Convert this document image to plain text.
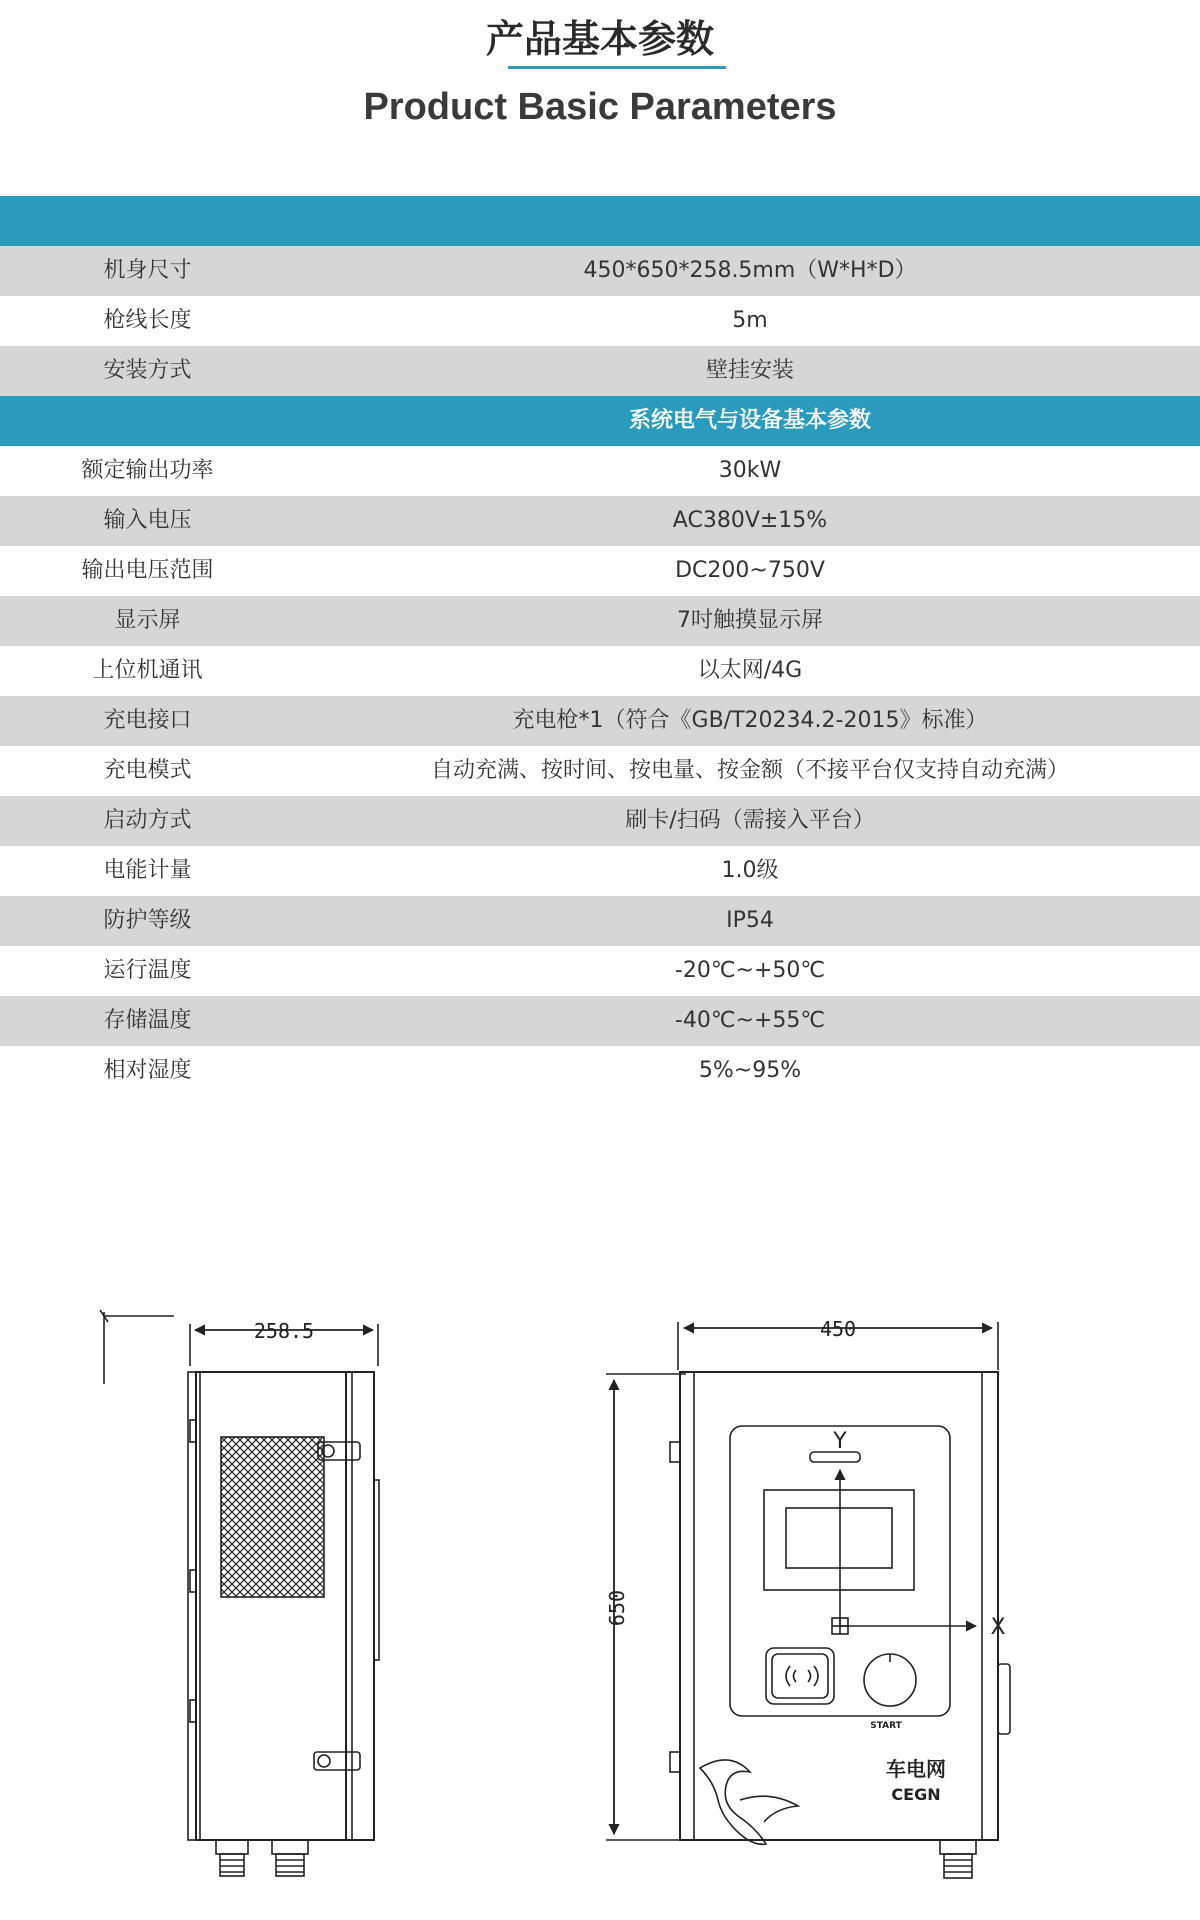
产品基本参数
Product Basic Parameters
机身尺寸	450*650*258.5mm（W*H*D）
枪线长度	5m
安装方式	壁挂安装
系统电气与设备基本参数
额定输出功率	30kW
输入电压	AC380V±15%
输出电压范围	DC200~750V
显示屏	7吋触摸显示屏
上位机通讯	以太网/4G
充电接口	充电枪*1（符合《GB/T20234.2-2015》标准）
充电模式	自动充满、按时间、按电量、按金额（不接平台仅支持自动充满）
启动方式	刷卡/扫码（需接入平台）
电能计量	1.0级
防护等级	IP54
运行温度	-20℃~+50℃
存储温度	-40℃~+55℃
相对湿度	5%~95%
258.5	450
650
Y
X
START
车电网
CEGN
